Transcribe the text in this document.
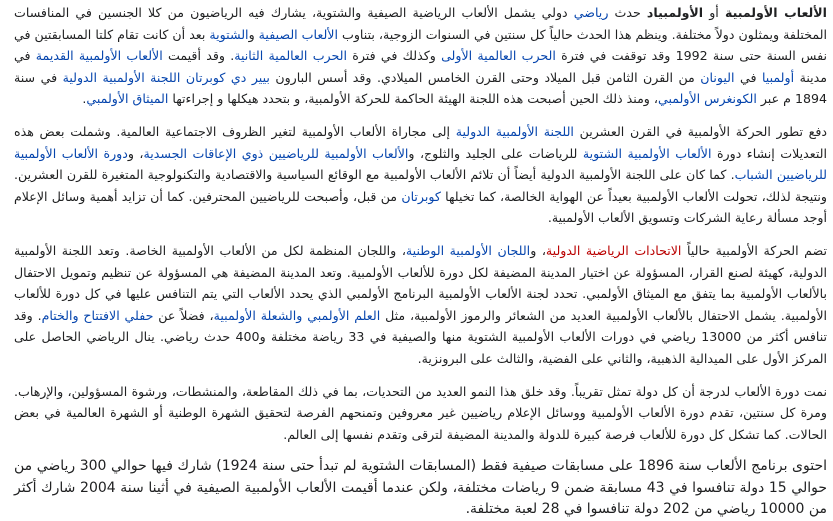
الألعاب الأولمبية أو الأولمبياد حدث رياضي دولي يشمل الألعاب الرياضية الصيفية والشتوية، يشارك فيه الرياضيون من كلا الجنسين في المنافسات المختلفة ويمثلون دولاً مختلفة. وينظم هذا الحدث حالياً كل سنتين في السنوات الزوجية، بتناوب الألعاب الصيفية والشتوية بعد أن كانت تقام كلتا المسابقتين في نفس السنة حتى سنة 1992 وقد توقفت في فترة الحرب العالمية الأولى وكذلك في فترة الحرب العالمية الثانية. وقد أقيمت الألعاب الأولمبية القديمة في مدينة أولمبيا في اليونان من القرن الثامن قبل الميلاد وحتى القرن الخامس الميلادي. وقد أسس البارون بيير دي كوبرتان اللجنة الأولمبية الدولية في سنة 1894 م عبر الكونغرس الأولمبي، ومنذ ذلك الحين أصبحت هذه اللجنة الهيئة الحاكمة للحركة الأولمبية، و بتحدد هيكلها و إجراءتها الميثاق الأولمبي.

دفع تطور الحركة الأولمبية في القرن العشرين اللجنة الأولمبية الدولية إلى مجاراة الألعاب الأولمبية لتغير الظروف الاجتماعية العالمية. وشملت بعض هذه التعديلات إنشاء دورة الألعاب الأولمبية الشتوية للرياضات على الجليد والثلوج، والألعاب الأولمبية للرياضيين ذوي الإعاقات الجسدية، ودورة الألعاب الأولمبية للرياضيين الشباب. كما كان على اللجنة الأولمبية الدولية أيضاً أن تلائم الألعاب الأولمبية مع الوقائع السياسية والاقتصادية والتكنولوجية المتغيرة للقرن العشرين. ونتيجة لذلك، تحولت الألعاب الأولمبية بعيداً عن الهواية الخالصة، كما تخيلها كوبرتان من قبل، وأصبحت للرياضيين المحترفين. كما أن تزايد أهمية وسائل الإعلام أوجد مسألة رعاية الشركات وتسويق الألعاب الأولمبية.

تضم الحركة الأولمبية حالياً الاتحادات الرياضية الدولية، واللجان الأولمبية الوطنية، واللجان المنظمة لكل من الألعاب الأولمبية الخاصة. وتعد اللجنة الأولمبية الدولية، كهيئة لصنع القرار، المسؤولة عن اختيار المدينة المضيفة لكل دورة للألعاب الأولمبية. وتعد المدينة المضيفة هي المسؤولة عن تنظيم وتمويل الاحتفال بالألعاب الأولمبية بما يتفق مع الميثاق الأولمبي. تحدد لجنة الألعاب الأولمبية البرنامج الأولمبي الذي يحدد الألعاب التي يتم التنافس عليها في كل دورة للألعاب الأولمبية. يشمل الاحتفال بالألعاب الأولمبية العديد من الشعائر والرموز الأولمبية، مثل العلم الأولمبي والشعلة الأولمبية، فضلاً عن حفلي الافتتاح والختام. وقد تنافس أكثر من 13000 رياضي في دورات الألعاب الأولمبية الشتوية منها والصيفية في 33 رياضة مختلفة و400 حدث رياضي. ينال الرياضي الحاصل على المركز الأول على الميدالية الذهبية، والثاني على الفضية، والثالث على البرونزية.

نمت دورة الألعاب لدرجة أن كل دولة تمثل تقريباً. وقد خلق هذا النمو العديد من التحديات، بما في ذلك المقاطعة، والمنشطات، ورشوة المسؤولين، والإرهاب. ومرة كل سنتين، تقدم دورة الألعاب الأولمبية ووسائل الإعلام رياضيين غير معروفين وتمنحهم الفرصة لتحقيق الشهرة الوطنية أو الشهرة العالمية في بعض الحالات. كما تشكل كل دورة للألعاب فرصة كبيرة للدولة والمدينة المضيفة لترقى وتقدم نفسها إلى العالم.

احتوى برنامج الألعاب سنة 1896 على مسابقات صيفية فقط (المسابقات الشتوية لم تبدأ حتى سنة 1924) شارك فيها حوالي 300 رياضي من حوالي 15 دولة تنافسوا في 43 مسابقة ضمن 9 رياضات مختلفة، ولكن عندما أقيمت الألعاب الأولمبية الصيفية في أثينا سنة 2004 شارك أكثر من 10000 رياضي من 202 دولة تنافسوا في 28 لعبة مختلفة.
